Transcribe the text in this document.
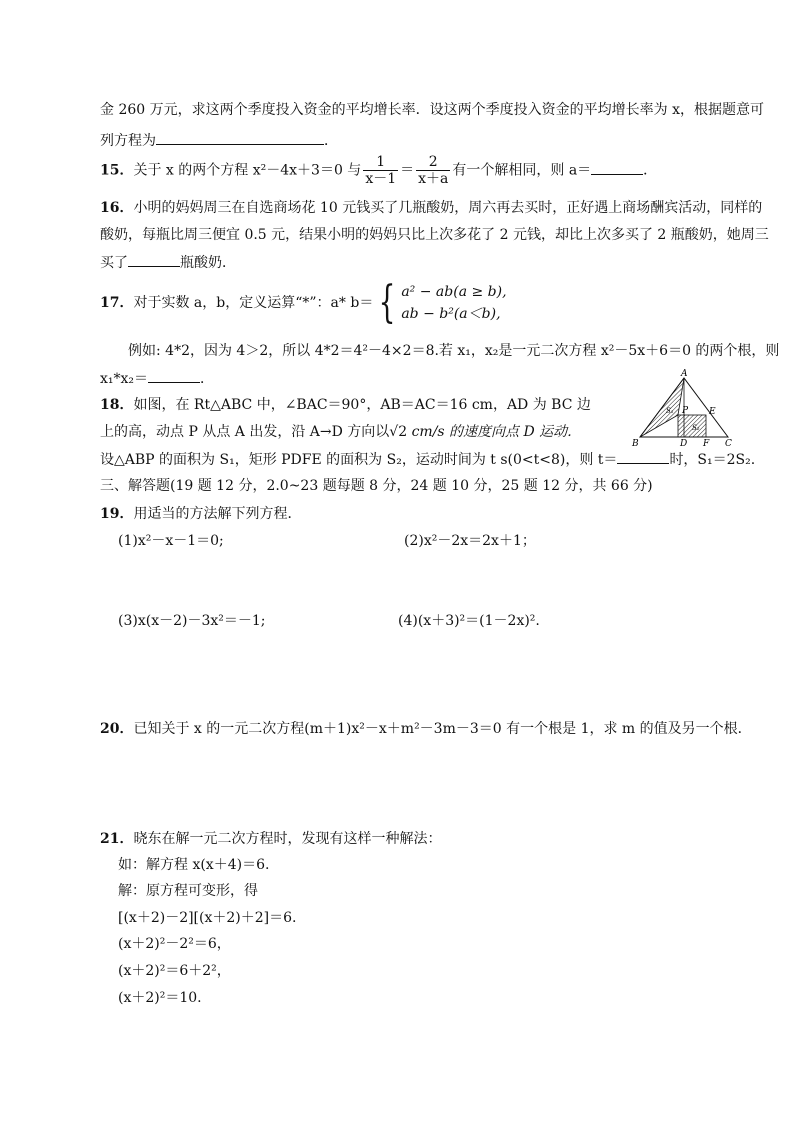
金 260 万元，求这两个季度投入资金的平均增长率．设这两个季度投入资金的平均增长率为 x，根据题意可
列方程为	．
15．关于 x 的两个方程 x²－4x＋3＝0 与 $\frac{1}{x-1} = \frac{2}{x+a}$ 有一个解相同，则 a＝	．
16．小明的妈妈周三在自选商场花 10 元钱买了几瓶酸奶，周六再去买时，正好遇上商场酬宾活动，同样的
酸奶，每瓶比周三便宜 0.5 元，结果小明的妈妈只比上次多花了 2 元钱，却比上次多买了 2 瓶酸奶，她周三
买了	瓶酸奶．
17．对于实数 a，b，定义运算“*”：a* b＝ { a² − ab(a ≥ b),
ab − b²(a＜b),
例如: 4*2，因为 4＞2，所以 4*2＝4²－4×2＝8.若 x₁，x₂是一元二次方程 x²－5x＋6＝0 的两个根，则
x₁*x₂＝	．
18．如图，在 Rt△ABC 中，∠BAC＝90°，AB＝AC＝16 cm，AD 为 BC 边
上的高，动点 P 从点 A 出发，沿 A→D 方向以√2 cm/s 的速度向点 D 运动．
设△ABP 的面积为 S₁，矩形 PDFE 的面积为 S₂，运动时间为 t s(0<t<8)，则 t＝	时，S₁＝2S₂.
A
B	C
D
E
F
P
S₁
S₂
三、解答题(19 题 12 分，2.0~23 题每题 8 分，24 题 10 分，25 题 12 分，共 66 分)
19．用适当的方法解下列方程．
(1)x²－x－1＝0;	(2)x²－2x＝2x＋1；
(3)x(x－2)－3x²＝－1;	(4)(x＋3)²＝(1－2x)².
20．已知关于 x 的一元二次方程(m＋1)x²－x＋m²－3m－3＝0 有一个根是 1，求 m 的值及另一个根．
21．晓东在解一元二次方程时，发现有这样一种解法：
如：解方程 x(x＋4)＝6.
解：原方程可变形，得
[(x＋2)－2][(x＋2)＋2]＝6.
(x＋2)²－2²＝6，
(x＋2)²＝6＋2²，
(x＋2)²＝10.
